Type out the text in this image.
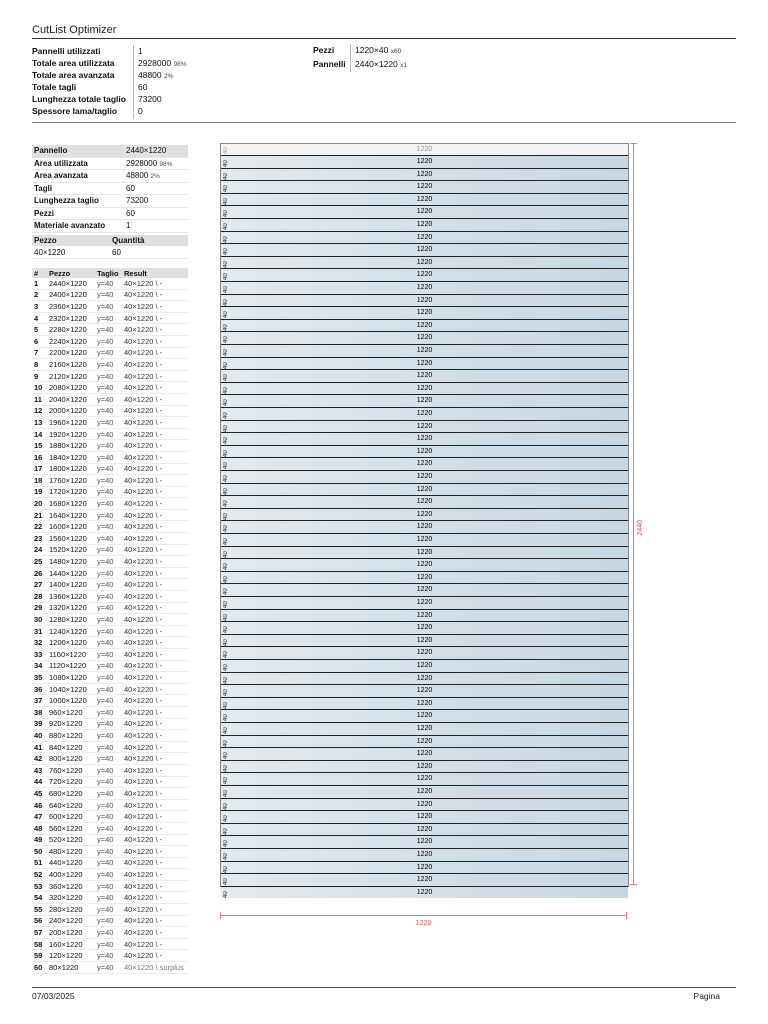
CutList Optimizer
Pannelli utilizzati	1
Totale area utilizzata	2928000 98%
Totale area avanzata	48800 2%
Totale tagli	60
Lunghezza totale taglio 73200
Spessore lama/taglio 0
Pezzi 1220×40 x60
Pannelli 2440×1220 x1
Pannello	2440×1220
Area utilizzata	2928000 98%
Area avanzata	48800 2%
Tagli	60
Lunghezza taglio	73200
Pezzi	60
Materiale avanzato	1
Pezzo	Quantità
40×1220	60
#	Pezzo	Taglio	Result
1	2440×1220	y=40	40×1220 \ -
2	2400×1220	y=40	40×1220 \ -
3	2360×1220	y=40	40×1220 \ -
4	2320×1220	y=40	40×1220 \ -
5	2280×1220	y=40	40×1220 \ -
6	2240×1220	y=40	40×1220 \ -
7	2200×1220	y=40	40×1220 \ -
8	2160×1220	y=40	40×1220 \ -
9	2120×1220	y=40	40×1220 \ -
10	2080×1220	y=40	40×1220 \ -
11	2040×1220	y=40	40×1220 \ -
12	2000×1220	y=40	40×1220 \ -
13	1960×1220	y=40	40×1220 \ -
14	1920×1220	y=40	40×1220 \ -
15	1880×1220	y=40	40×1220 \ -
16	1840×1220	y=40	40×1220 \ -
17	1800×1220	y=40	40×1220 \ -
18	1760×1220	y=40	40×1220 \ -
19	1720×1220	y=40	40×1220 \ -
20	1680×1220	y=40	40×1220 \ -
21	1640×1220	y=40	40×1220 \ -
22	1600×1220	y=40	40×1220 \ -
23	1560×1220	y=40	40×1220 \ -
24	1520×1220	y=40	40×1220 \ -
25	1480×1220	y=40	40×1220 \ -
26	1440×1220	y=40	40×1220 \ -
27	1400×1220	y=40	40×1220 \ -
28	1360×1220	y=40	40×1220 \ -
29	1320×1220	y=40	40×1220 \ -
30	1280×1220	y=40	40×1220 \ -
31	1240×1220	y=40	40×1220 \ -
32	1200×1220	y=40	40×1220 \ -
33	1160×1220	y=40	40×1220 \ -
34	1120×1220	y=40	40×1220 \ -
35	1080×1220	y=40	40×1220 \ -
36	1040×1220	y=40	40×1220 \ -
37	1000×1220	y=40	40×1220 \ -
38	960×1220	y=40	40×1220 \ -
39	920×1220	y=40	40×1220 \ -
40	880×1220	y=40	40×1220 \ -
41	840×1220	y=40	40×1220 \ -
42	800×1220	y=40	40×1220 \ -
43	760×1220	y=40	40×1220 \ -
44	720×1220	y=40	40×1220 \ -
45	680×1220	y=40	40×1220 \ -
46	640×1220	y=40	40×1220 \ -
47	600×1220	y=40	40×1220 \ -
48	560×1220	y=40	40×1220 \ -
49	520×1220	y=40	40×1220 \ -
50	480×1220	y=40	40×1220 \ -
51	440×1220	y=40	40×1220 \ -
52	400×1220	y=40	40×1220 \ -
53	360×1220	y=40	40×1220 \ -
54	320×1220	y=40	40×1220 \ -
55	280×1220	y=40	40×1220 \ -
56	240×1220	y=40	40×1220 \ -
57	200×1220	y=40	40×1220 \ -
58	160×1220	y=40	40×1220 \ -
59	120×1220	y=40	40×1220 \ -
60	80×1220	y=40	40×1220 \ surplus
1220
40
1220
40
1220
40
1220
40
1220
40
1220
40
1220
40
1220
40
1220
40
1220
40
1220
40
1220
40
1220
40
1220
40
1220
40
1220
40
1220
40
1220
40
1220
40
1220
40
1220
40
1220
40
1220
40
1220
40
1220
40
1220
40
1220
40
1220
40
1220
40
1220
40
1220
40
1220
40
1220
40
1220
40
1220
40
1220
40
1220
40
1220
40
1220
40
1220
40
1220
40
1220
40
1220
40
1220
40
1220
40
1220
40
1220
40
1220
40
1220
40
1220
40
1220
40
1220
40
1220
40
1220
40
1220
40
1220
40
1220
40
1220
40
1220
40
1220
40
2440
1220
07/03/2025	Pagina
